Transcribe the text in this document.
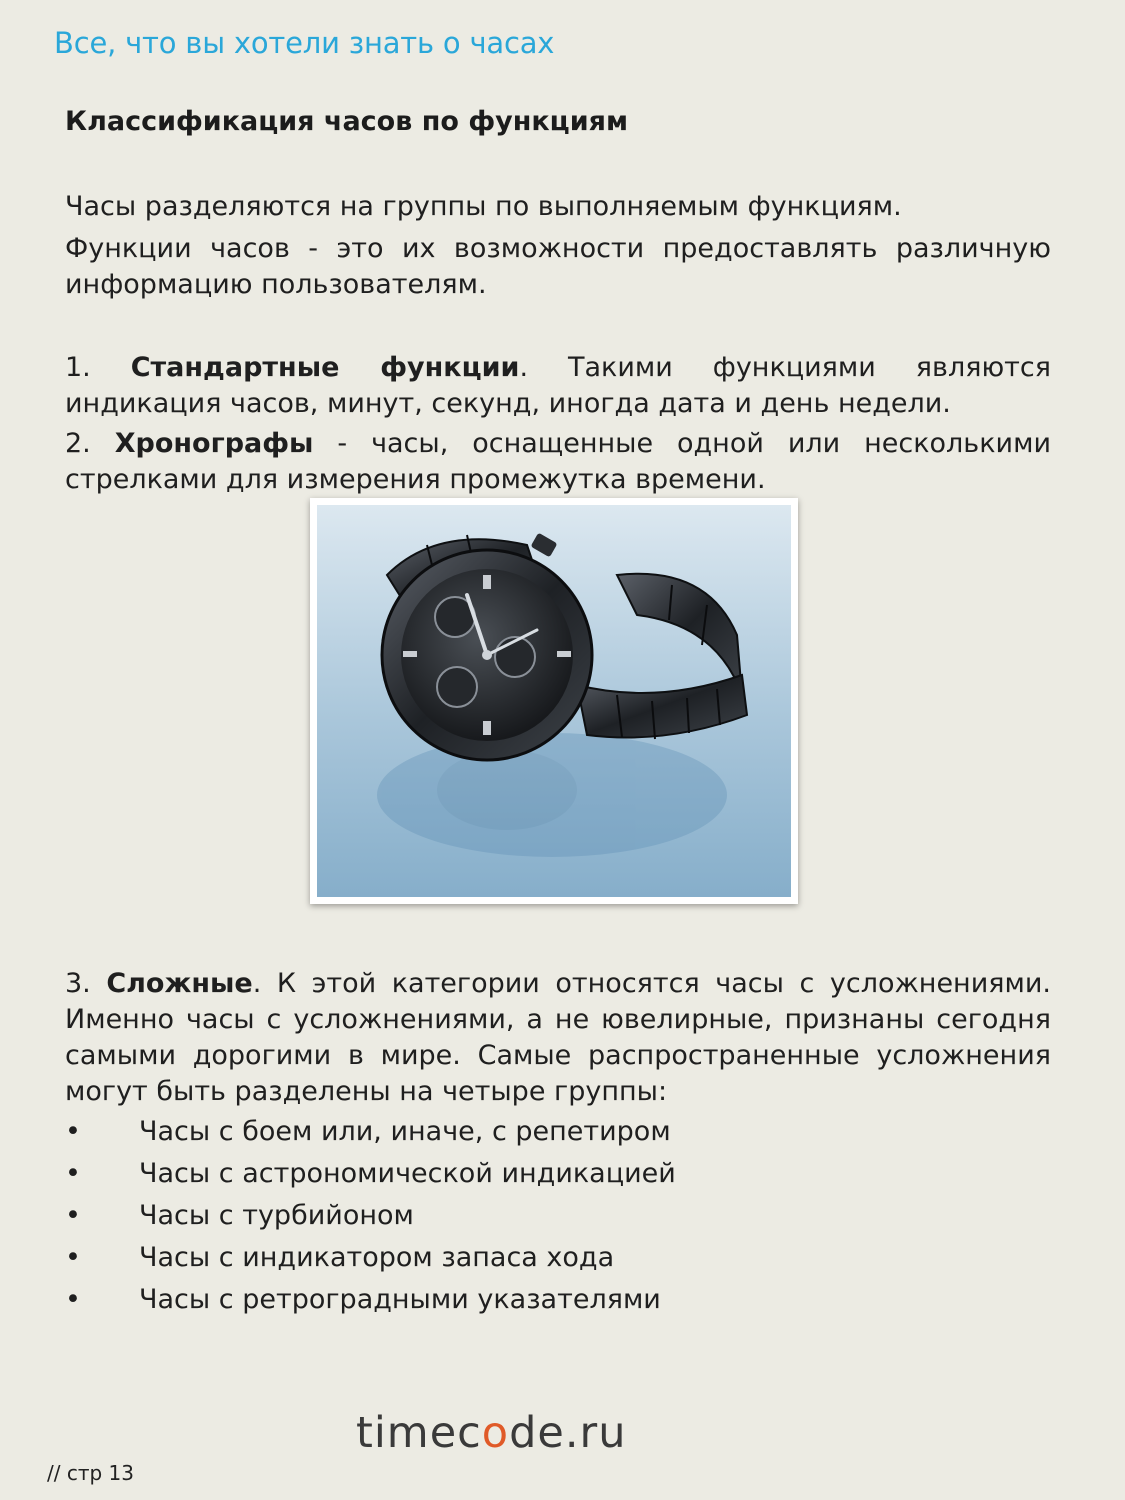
Все, что вы хотели знать о часах
Классификация часов по функциям
Часы разделяются на группы по выполняемым функциям.
Функции часов - это их возможности предоставлять различную информацию пользователям.
1. Стандартные функции. Такими функциями являются индикация часов, минут, секунд, иногда дата и день недели.
2. Хронографы - часы, оснащенные одной или несколькими стрелками для измерения промежутка времени.
3. Сложные. К этой категории относятся часы с усложнениями. Именно часы с усложнениями, а не ювелирные, признаны сегодня самыми дорогими в мире. Самые распространенные усложнения могут быть разделены на четыре группы:
• Часы с боем или, иначе, с репетиром
• Часы с астрономической индикацией
• Часы с турбийоном
• Часы с индикатором запаса хода
• Часы с ретроградными указателями
timecode.ru
// стр 13
